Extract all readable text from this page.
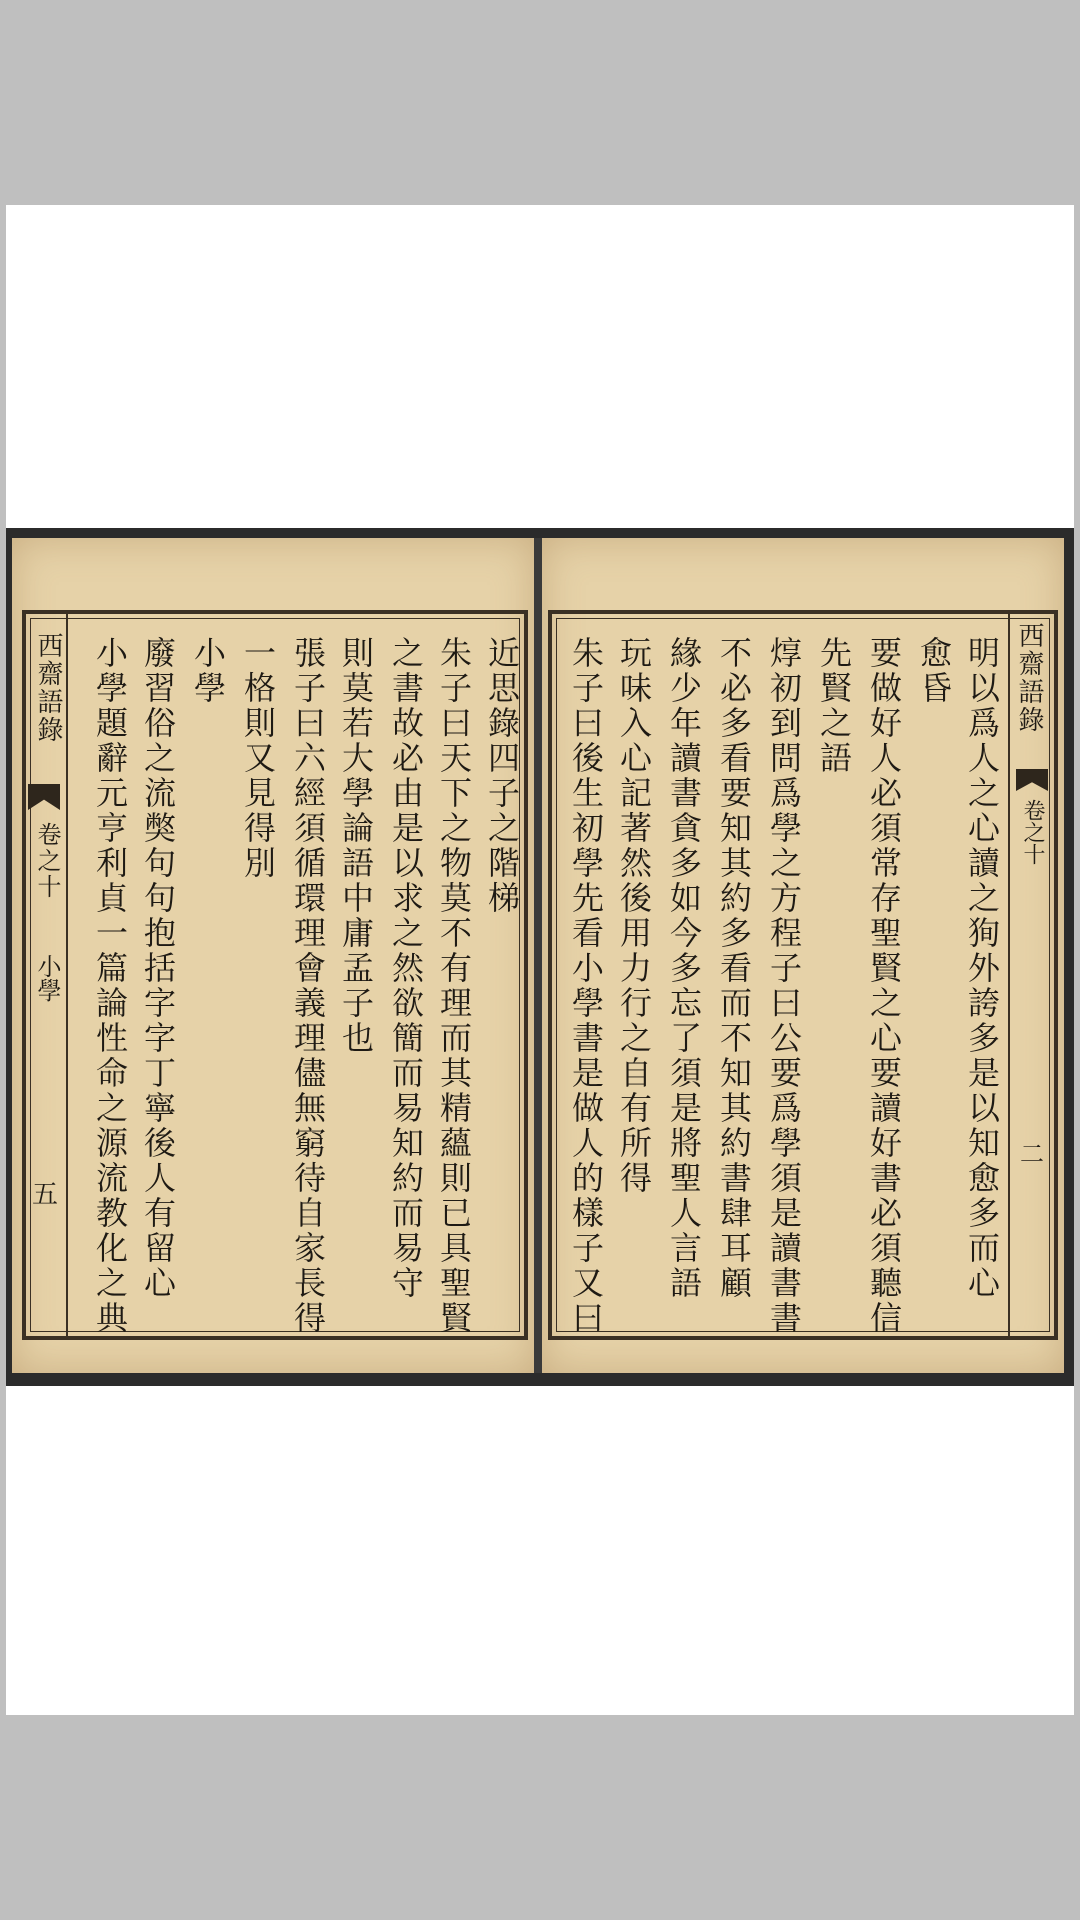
西齋語錄
卷之十
小學
五 小學題辭元亨利貞一篇論性命之源流教化之典 廢習俗之流獘句句抱括字字丁寧後人有留心 小學 一格則又見得別 張子曰六經須循環理會義理儘無窮待自家長得 則莫若大學論語中庸孟子也 之書故必由是以求之然欲簡而易知約而易守 朱子曰天下之物莫不有理而其精蘊則已具聖賢 近思錄四子之階梯 朱子曰後生初學先看小學書是做人的樣子又曰 玩味入心記著然後用力行之自有所得 緣少年讀書貪多如今多忘了須是將聖人言語 不必多看要知其約多看而不知其約書肆耳顧 焞初到問爲學之方程子曰公要爲學須是讀書書 先賢之語 要做好人必須常存聖賢之心要讀好書必須聽信 愈昏 明以爲人之心讀之狥外誇多是以知愈多而心 西齋語錄
卷之十
二
